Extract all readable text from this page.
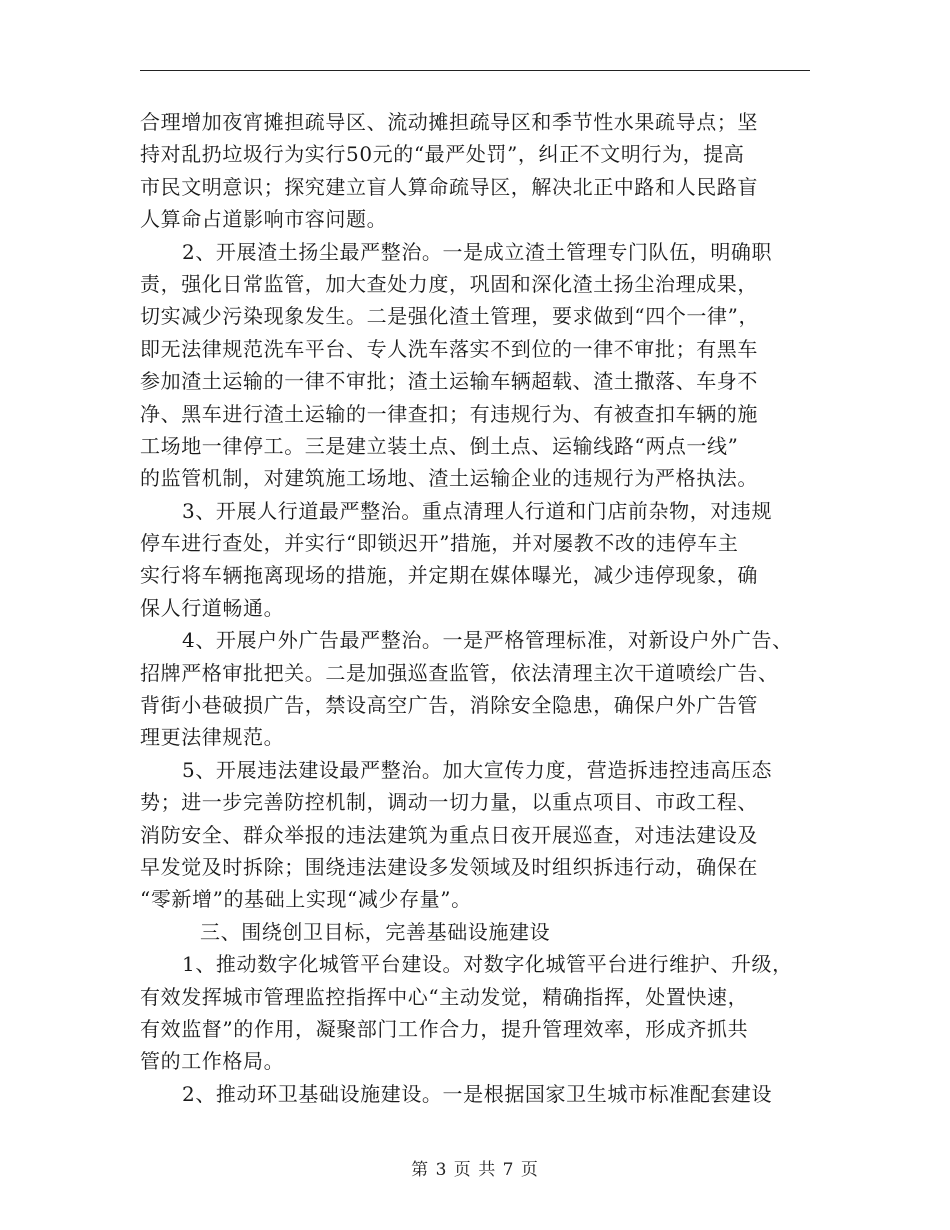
合理增加夜宵摊担疏导区、流动摊担疏导区和季节性水果疏导点；坚
持对乱扔垃圾行为实行50元的“最严处罚”，纠正不文明行为，提高
市民文明意识；探究建立盲人算命疏导区，解决北正中路和人民路盲
人算命占道影响市容问题。
2、开展渣土扬尘最严整治。一是成立渣土管理专门队伍，明确职
责，强化日常监管，加大查处力度，巩固和深化渣土扬尘治理成果，
切实减少污染现象发生。二是强化渣土管理，要求做到“四个一律”，
即无法律规范洗车平台、专人洗车落实不到位的一律不审批；有黑车
参加渣土运输的一律不审批；渣土运输车辆超载、渣土撒落、车身不
净、黑车进行渣土运输的一律查扣；有违规行为、有被查扣车辆的施
工场地一律停工。三是建立装土点、倒土点、运输线路“两点一线”
的监管机制，对建筑施工场地、渣土运输企业的违规行为严格执法。
3、开展人行道最严整治。重点清理人行道和门店前杂物，对违规
停车进行查处，并实行“即锁迟开”措施，并对屡教不改的违停车主
实行将车辆拖离现场的措施，并定期在媒体曝光，减少违停现象，确
保人行道畅通。
4、开展户外广告最严整治。一是严格管理标准，对新设户外广告、
招牌严格审批把关。二是加强巡查监管，依法清理主次干道喷绘广告、
背街小巷破损广告，禁设高空广告，消除安全隐患，确保户外广告管
理更法律规范。
5、开展违法建设最严整治。加大宣传力度，营造拆违控违高压态
势；进一步完善防控机制，调动一切力量，以重点项目、市政工程、
消防安全、群众举报的违法建筑为重点日夜开展巡查，对违法建设及
早发觉及时拆除；围绕违法建设多发领域及时组织拆违行动，确保在
“零新增”的基础上实现“减少存量”。
三、围绕创卫目标，完善基础设施建设
1、推动数字化城管平台建设。对数字化城管平台进行维护、升级，
有效发挥城市管理监控指挥中心“主动发觉，精确指挥，处置快速，
有效监督”的作用，凝聚部门工作合力，提升管理效率，形成齐抓共
管的工作格局。
2、推动环卫基础设施建设。一是根据国家卫生城市标准配套建设
第 3 页 共 7 页
